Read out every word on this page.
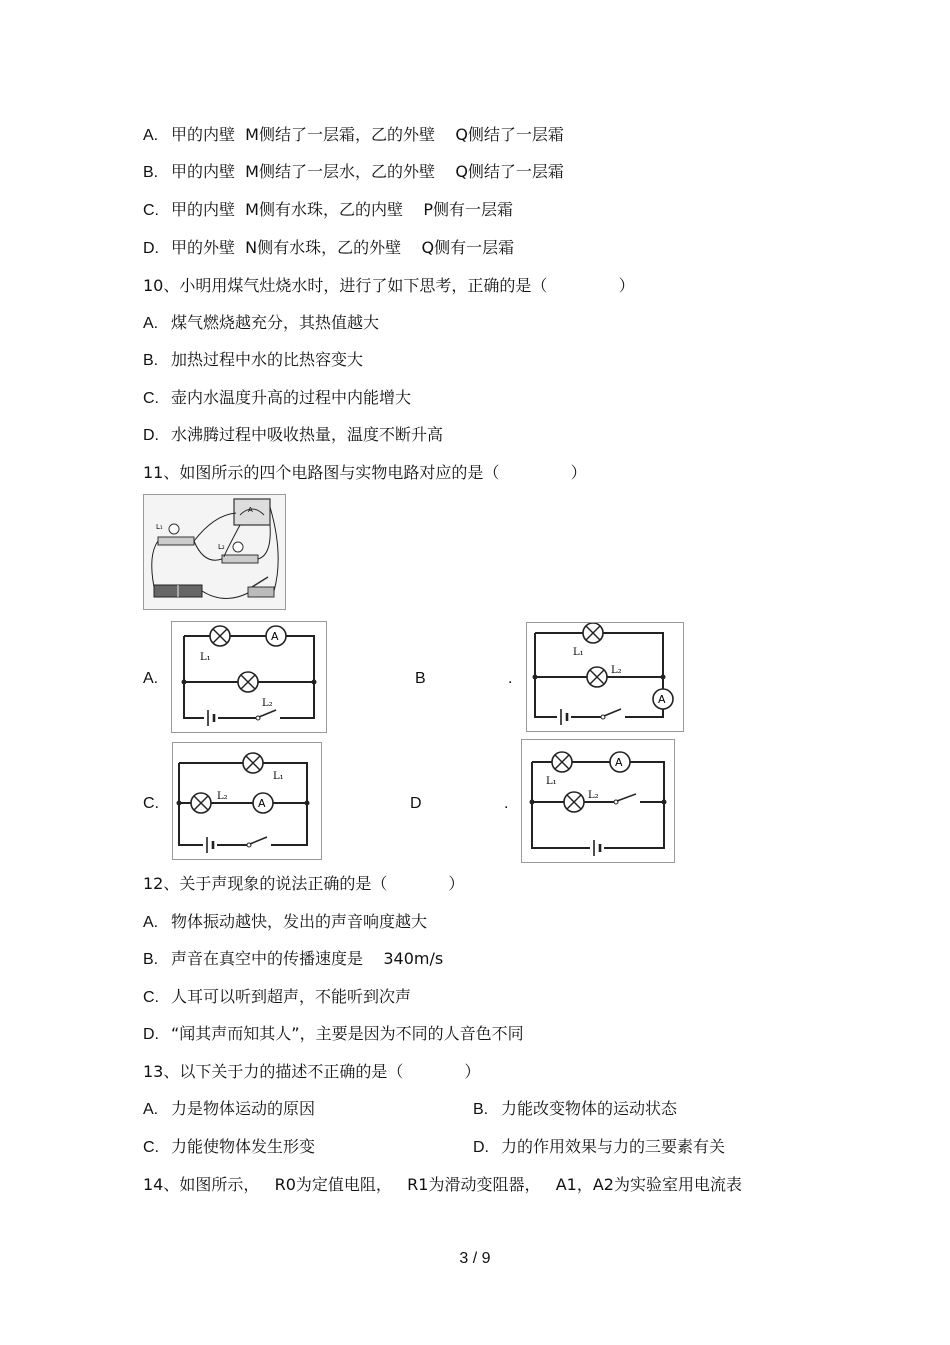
A. 甲的内壁  M侧结了一层霜，乙的外壁    Q侧结了一层霜
B. 甲的内壁  M侧结了一层水，乙的外壁    Q侧结了一层霜
C. 甲的内壁  M侧有水珠，乙的内壁    P侧有一层霜
D. 甲的外壁  N侧有水珠，乙的外壁    Q侧有一层霜
10、小明用煤气灶烧水时，进行了如下思考，正确的是（              ）
A. 煤气燃烧越充分，其热值越大
B. 加热过程中水的比热容变大
C. 壶内水温度升高的过程中内能增大
D. 水沸腾过程中吸收热量，温度不断升高
11、如图所示的四个电路图与实物电路对应的是（              ）
A
L₁
L₂
A.
L₁
A
L₂
B	.
L₁
L₂
A
C.
L₁
L₂
A	D	.
L₁
A
L₂
12、关于声现象的说法正确的是（            ）
A. 物体振动越快，发出的声音响度越大
B. 声音在真空中的传播速度是    340m/s
C. 人耳可以听到超声，不能听到次声
D. “闻其声而知其人”，主要是因为不同的人音色不同
13、以下关于力的描述不正确的是（            ）
A. 力是物体运动的原因	B. 力能改变物体的运动状态
C. 力能使物体发生形变	D. 力的作用效果与力的三要素有关
14、如图所示，   R0为定值电阻，   R1为滑动变阻器，   A1，A2为实验室用电流表
3 / 9
